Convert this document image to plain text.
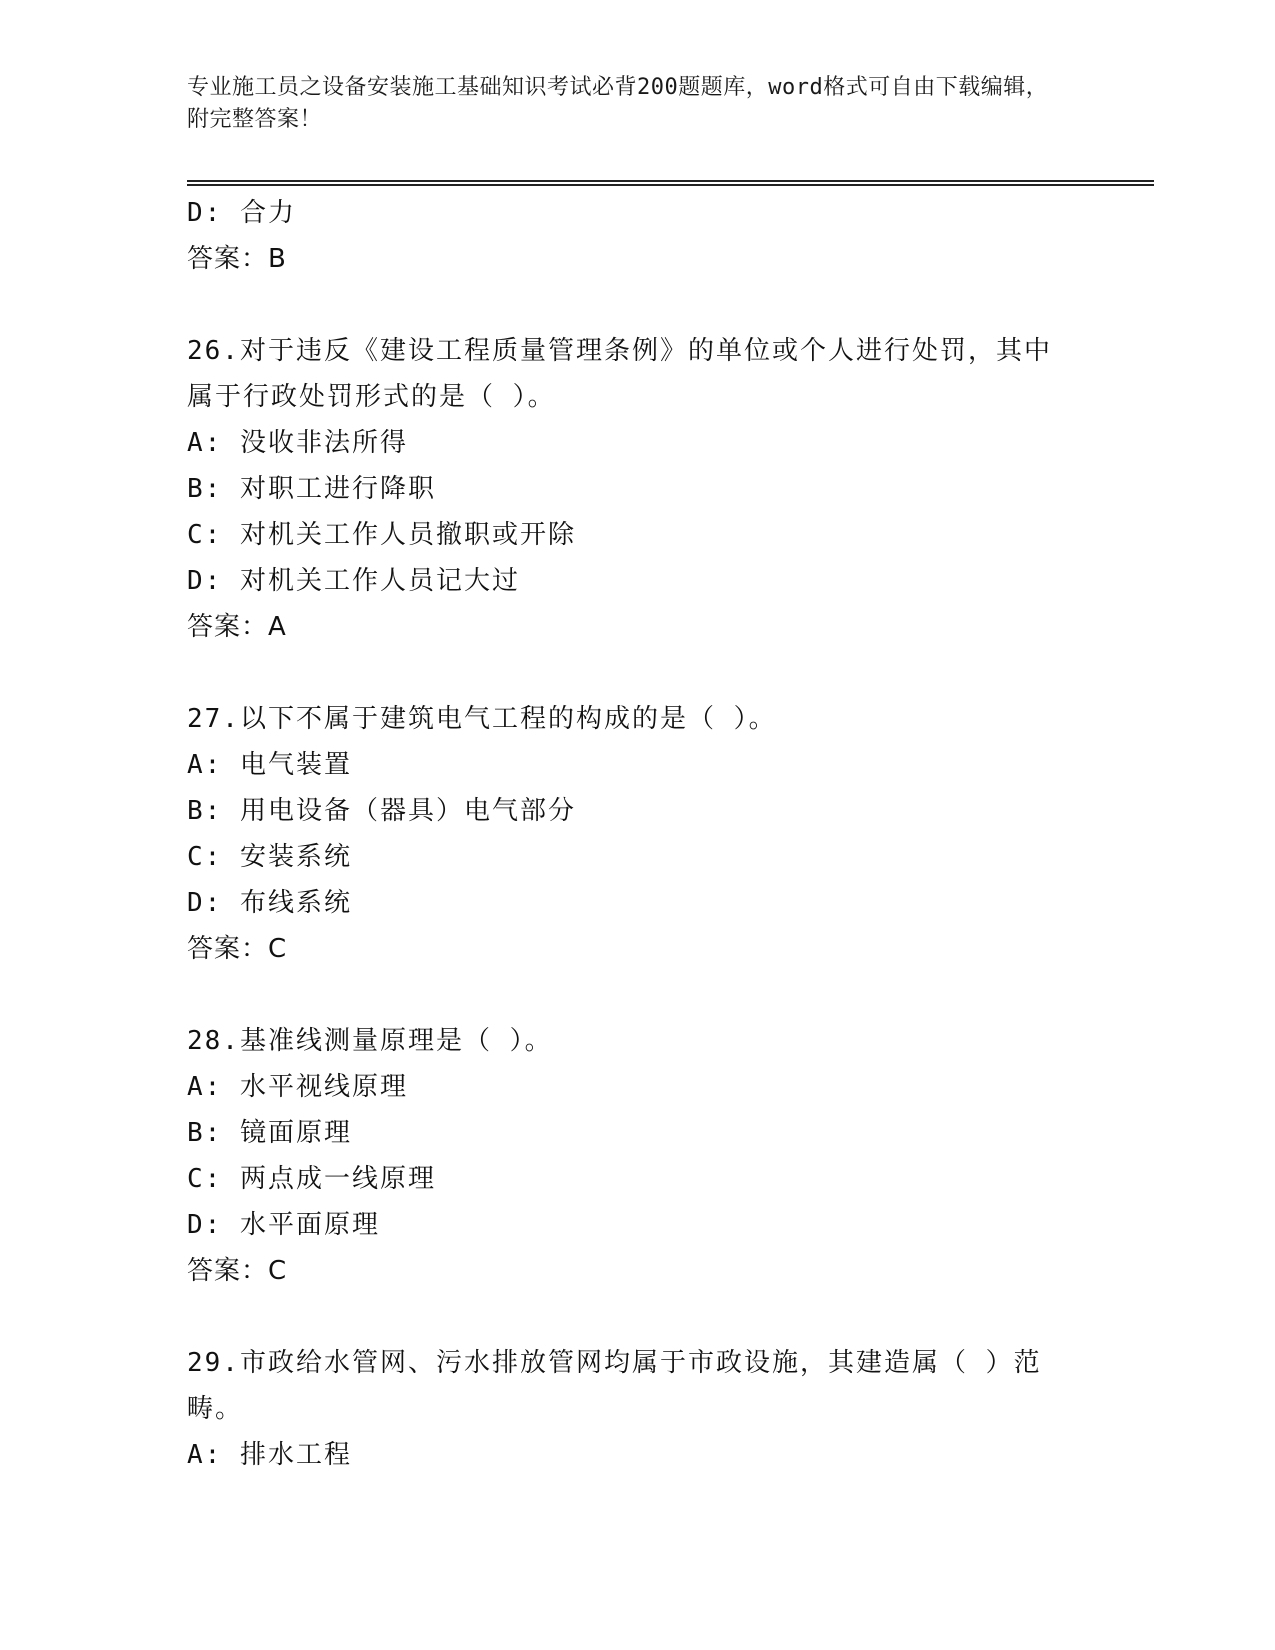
专业施工员之设备安装施工基础知识考试必背200题题库，word格式可自由下载编辑，附完整答案！
D: 合力
答案：B
26.对于违反《建设工程质量管理条例》的单位或个人进行处罚，其中属于行政处罚形式的是（ ）。
A: 没收非法所得
B: 对职工进行降职
C: 对机关工作人员撤职或开除
D: 对机关工作人员记大过
答案：A
27.以下不属于建筑电气工程的构成的是（ ）。
A: 电气装置
B: 用电设备（器具）电气部分
C: 安装系统
D: 布线系统
答案：C
28.基准线测量原理是（ ）。
A: 水平视线原理
B: 镜面原理
C: 两点成一线原理
D: 水平面原理
答案：C
29.市政给水管网、污水排放管网均属于市政设施，其建造属（ ）范畴。
A: 排水工程
